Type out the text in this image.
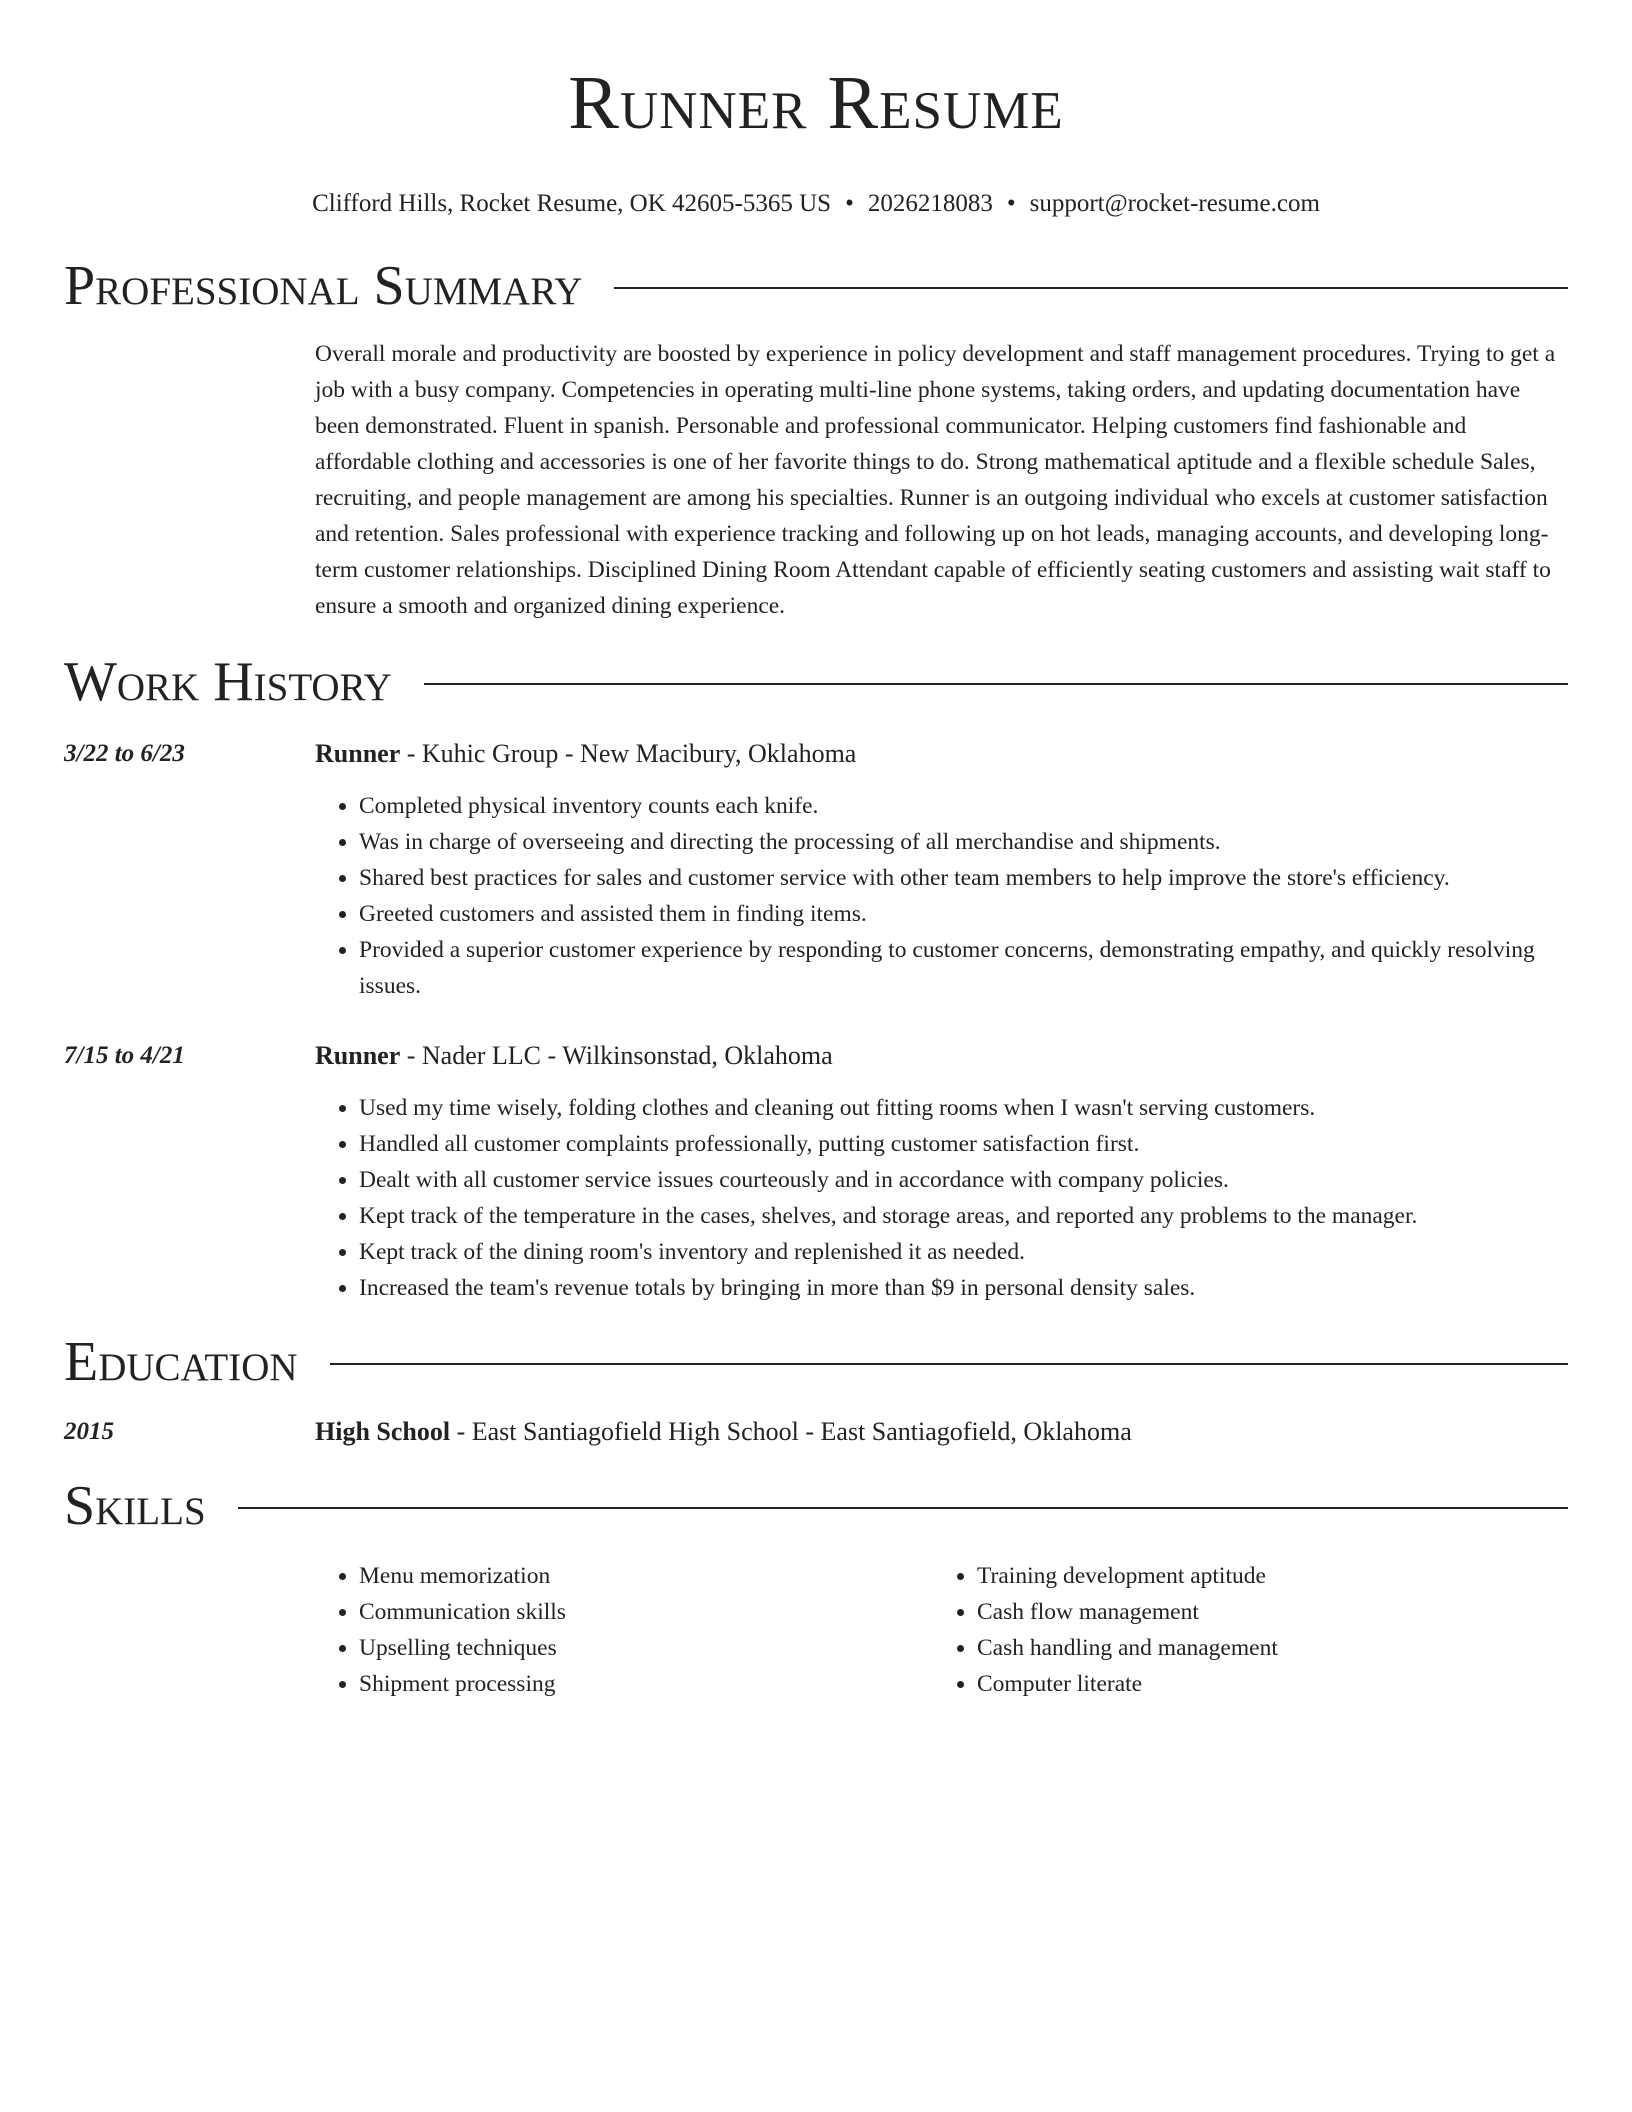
Runner Resume
Clifford Hills, Rocket Resume, OK 42605-5365 US • 2026218083 • support@rocket-resume.com
Professional Summary
Overall morale and productivity are boosted by experience in policy development and staff management procedures. Trying to get a job with a busy company. Competencies in operating multi-line phone systems, taking orders, and updating documentation have been demonstrated. Fluent in spanish. Personable and professional communicator. Helping customers find fashionable and affordable clothing and accessories is one of her favorite things to do. Strong mathematical aptitude and a flexible schedule Sales, recruiting, and people management are among his specialties. Runner is an outgoing individual who excels at customer satisfaction and retention. Sales professional with experience tracking and following up on hot leads, managing accounts, and developing long-term customer relationships. Disciplined Dining Room Attendant capable of efficiently seating customers and assisting wait staff to ensure a smooth and organized dining experience.
Work History
3/22 to 6/23	Runner - Kuhic Group - New Macibury, Oklahoma
• Completed physical inventory counts each knife.
• Was in charge of overseeing and directing the processing of all merchandise and shipments.
• Shared best practices for sales and customer service with other team members to help improve the store's efficiency.
• Greeted customers and assisted them in finding items.
• Provided a superior customer experience by responding to customer concerns, demonstrating empathy, and quickly resolving issues.
7/15 to 4/21	Runner - Nader LLC - Wilkinsonstad, Oklahoma
• Used my time wisely, folding clothes and cleaning out fitting rooms when I wasn't serving customers.
• Handled all customer complaints professionally, putting customer satisfaction first.
• Dealt with all customer service issues courteously and in accordance with company policies.
• Kept track of the temperature in the cases, shelves, and storage areas, and reported any problems to the manager.
• Kept track of the dining room's inventory and replenished it as needed.
• Increased the team's revenue totals by bringing in more than $9 in personal density sales.
Education
2015	High School - East Santiagofield High School - East Santiagofield, Oklahoma
Skills
• Menu memorization
• Communication skills
• Upselling techniques
• Shipment processing
• Training development aptitude
• Cash flow management
• Cash handling and management
• Computer literate
